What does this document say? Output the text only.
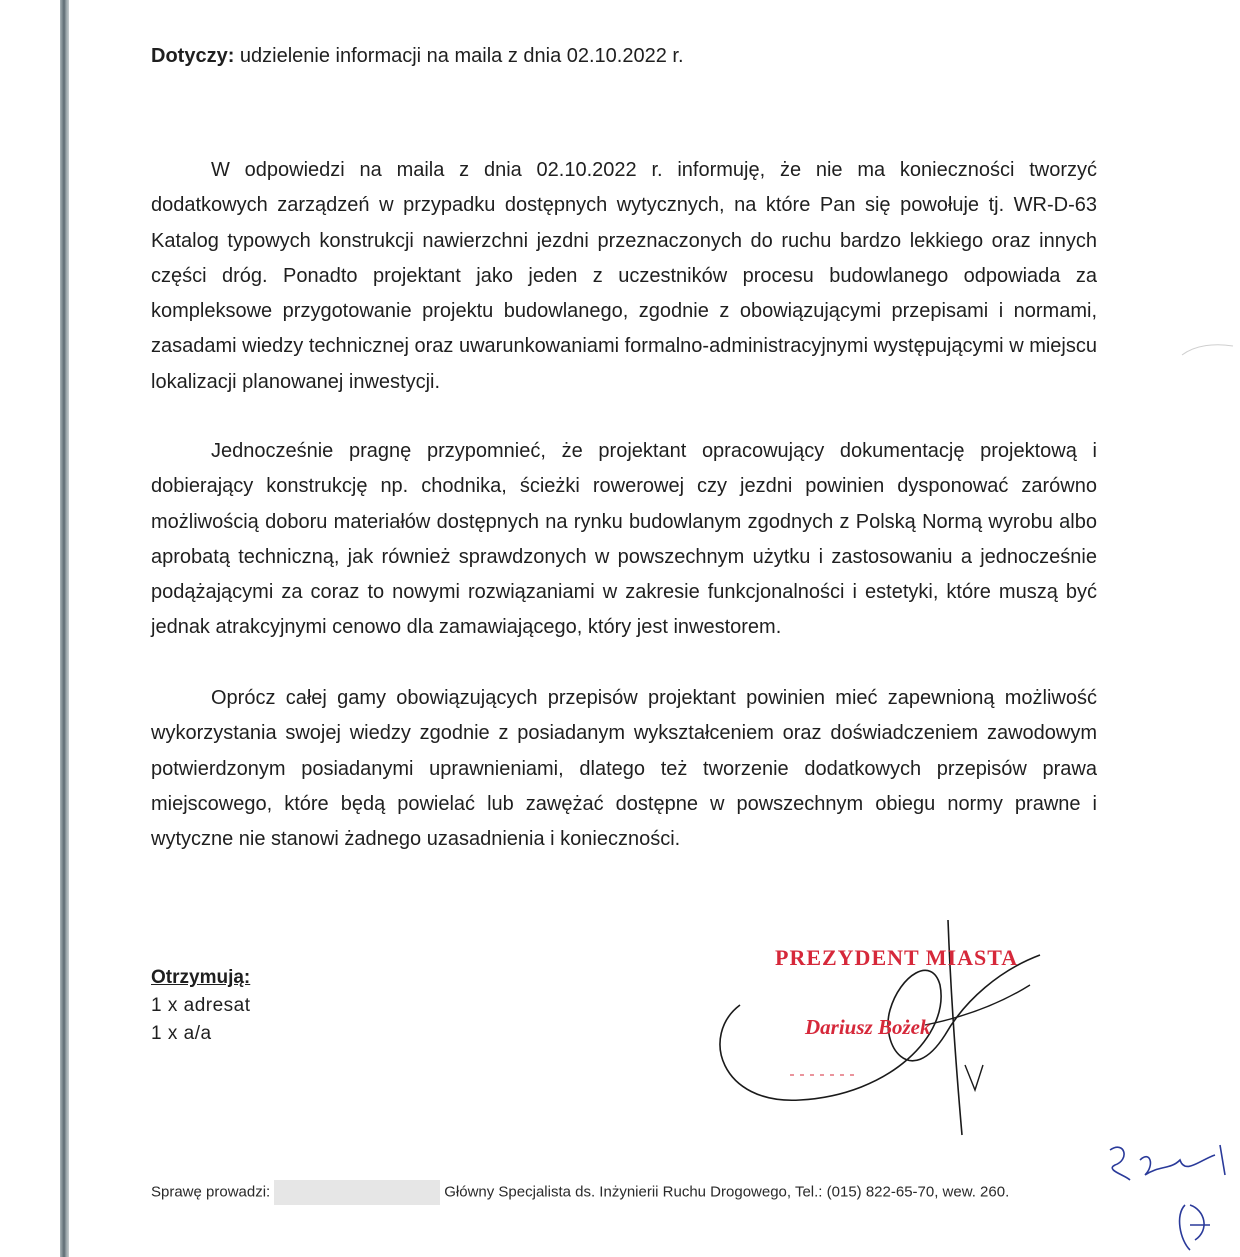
Dotyczy: udzielenie informacji na maila z dnia 02.10.2022 r.

W odpowiedzi na maila z dnia 02.10.2022 r. informuję, że nie ma konieczności tworzyć dodatkowych zarządzeń w przypadku dostępnych wytycznych, na które Pan się powołuje tj. WR-D-63 Katalog typowych konstrukcji nawierzchni jezdni przeznaczonych do ruchu bardzo lekkiego oraz innych części dróg. Ponadto projektant jako jeden z uczestników procesu budowlanego odpowiada za kompleksowe przygotowanie projektu budowlanego, zgodnie z obowiązującymi przepisami i normami, zasadami wiedzy technicznej oraz uwarunkowaniami formalno-administracyjnymi występującymi w miejscu lokalizacji planowanej inwestycji.

Jednocześnie pragnę przypomnieć, że projektant opracowujący dokumentację projektową i dobierający konstrukcję np. chodnika, ścieżki rowerowej czy jezdni powinien dysponować zarówno możliwością doboru materiałów dostępnych na rynku budowlanym zgodnych z Polską Normą wyrobu albo aprobatą techniczną, jak również sprawdzonych w powszechnym użytku i zastosowaniu a jednocześnie podążającymi za coraz to nowymi rozwiązaniami w zakresie funkcjonalności i estetyki, które muszą być jednak atrakcyjnymi cenowo dla zamawiającego, który jest inwestorem.

Oprócz całej gamy obowiązujących przepisów projektant powinien mieć zapewnioną możliwość wykorzystania swojej wiedzy zgodnie z posiadanym wykształceniem oraz doświadczeniem zawodowym potwierdzonym posiadanymi uprawnieniami, dlatego też tworzenie dodatkowych przepisów prawa miejscowego, które będą powielać lub zawężać dostępne w powszechnym obiegu normy prawne i wytyczne nie stanowi żadnego uzasadnienia i konieczności.

Otrzymują:
1 x adresat
1 x a/a
PREZYDENT MIASTA
Dariusz Bożek
Sprawę prowadzi:	Główny Specjalista ds. Inżynierii Ruchu Drogowego, Tel.: (015) 822-65-70, wew. 260.
